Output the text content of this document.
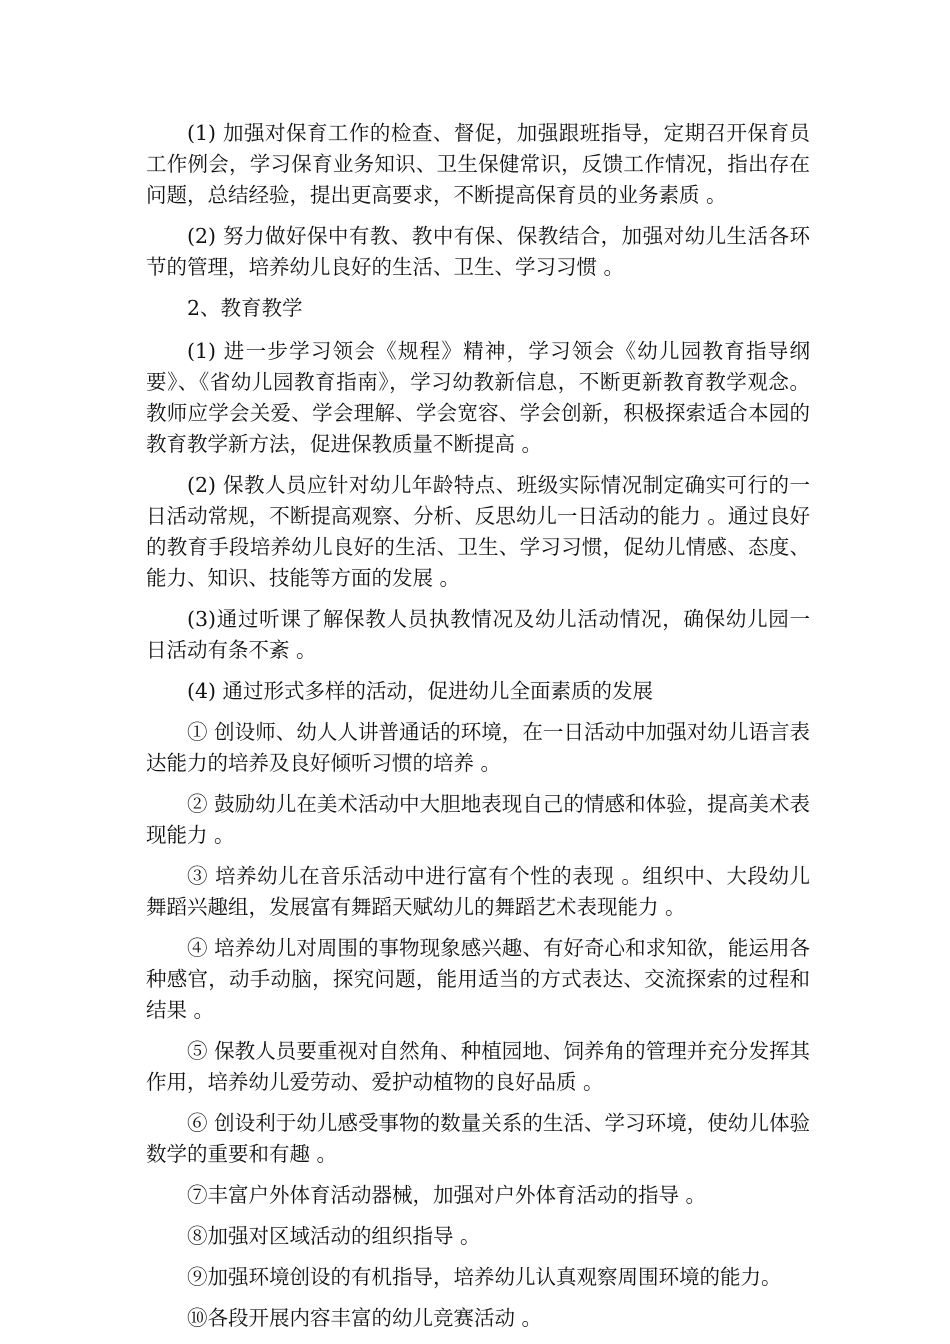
(1) 加强对保育工作的检查、督促，加强跟班指导，定期召开保育员工作例会，学习保育业务知识、卫生保健常识，反馈工作情况，指出存在问题，总结经验，提出更高要求，不断提高保育员的业务素质 。

(2) 努力做好保中有教、教中有保、保教结合，加强对幼儿生活各环节的管理，培养幼儿良好的生活、卫生、学习习惯 。

2、教育教学

(1) 进一步学习领会《规程》精神，学习领会《幼儿园教育指导纲要》、《省幼儿园教育指南》，学习幼教新信息，不断更新教育教学观念。教师应学会关爱、学会理解、学会宽容、学会创新，积极探索适合本园的教育教学新方法，促进保教质量不断提高 。

(2) 保教人员应针对幼儿年龄特点、班级实际情况制定确实可行的一日活动常规，不断提高观察、分析、反思幼儿一日活动的能力 。通过良好的教育手段培养幼儿良好的生活、卫生、学习习惯，促幼儿情感、态度、能力、知识、技能等方面的发展 。

(3)通过听课了解保教人员执教情况及幼儿活动情况，确保幼儿园一日活动有条不紊 。

(4) 通过形式多样的活动，促进幼儿全面素质的发展

① 创设师、幼人人讲普通话的环境，在一日活动中加强对幼儿语言表达能力的培养及良好倾听习惯的培养 。

② 鼓励幼儿在美术活动中大胆地表现自己的情感和体验，提高美术表现能力 。

③ 培养幼儿在音乐活动中进行富有个性的表现 。组织中、大段幼儿舞蹈兴趣组，发展富有舞蹈天赋幼儿的舞蹈艺术表现能力 。

④ 培养幼儿对周围的事物现象感兴趣、有好奇心和求知欲，能运用各种感官，动手动脑，探究问题，能用适当的方式表达、交流探索的过程和结果 。

⑤ 保教人员要重视对自然角、种植园地、饲养角的管理并充分发挥其作用，培养幼儿爱劳动、爱护动植物的良好品质 。

⑥ 创设利于幼儿感受事物的数量关系的生活、学习环境，使幼儿体验数学的重要和有趣 。

⑦丰富户外体育活动器械，加强对户外体育活动的指导 。

⑧加强对区域活动的组织指导 。

⑨加强环境创设的有机指导，培养幼儿认真观察周围环境的能力。

⑩各段开展内容丰富的幼儿竞赛活动 。
